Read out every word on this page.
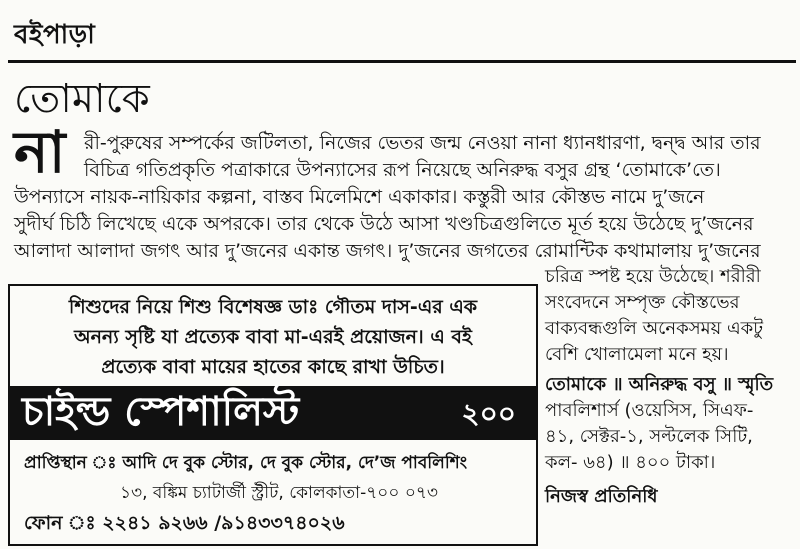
বইপাড়া
তোমাকে
না রী-পুরুষের সম্পর্কের জটিলতা, নিজের ভেতর জন্ম নেওয়া নানা ধ্যানধারণা, দ্বন্দ্ব আর তার
বিচিত্র গতিপ্রকৃতি পত্রাকারে উপন্যাসের রূপ নিয়েছে অনিরুদ্ধ বসুর গ্রন্থ ‘তোমাকে’তে।
উপন্যাসে নায়ক-নায়িকার কল্পনা, বাস্তব মিলেমিশে একাকার। কস্তুরী আর কৌস্তভ নামে দু’জনে
সুদীর্ঘ চিঠি লিখেছে একে অপরকে। তার থেকে উঠে আসা খণ্ডচিত্রগুলিতে মূর্ত হয়ে উঠেছে দু’জনের
আলাদা আলাদা জগৎ আর দু’জনের একান্ত জগৎ। দু’জনের জগতের রোমান্টিক কথামালায় দু’জনের
শিশুদের নিয়ে শিশু বিশেষজ্ঞ ডাঃ গৌতম দাস-এর এক
অনন্য সৃষ্টি যা প্রত্যেক বাবা মা-এরই প্রয়োজন। এ বই
প্রত্যেক বাবা মায়ের হাতের কাছে রাখা উচিত।
চাইল্ড স্পেশালিস্ট	২০০
প্রাপ্তিস্থান ঃ আদি দে বুক স্টোর, দে বুক স্টোর, দে’জ পাবলিশিং
১৩, বঙ্কিম চ্যাটার্জী স্ট্রীট, কোলকাতা-৭০০ ০৭৩
ফোন ঃ ২২৪১ ৯২৬৬ /৯১৪৩৩৭৪০২৬
চরিত্র স্পষ্ট হয়ে উঠেছে। শরীরী
সংবেদনে সম্পৃক্ত কৌস্তভের
বাক্যবন্ধগুলি অনেকসময় একটু
বেশি খোলামেলা মনে হয়।
তোমাকে ॥ অনিরুদ্ধ বসু ॥ স্মৃতি
পাবলিশার্স (ওয়েসিস, সিএফ-
৪১, সেক্টর-১, সল্টলেক সিটি,
কল- ৬৪) ॥ ৪০০ টাকা।
নিজস্ব প্রতিনিধি
